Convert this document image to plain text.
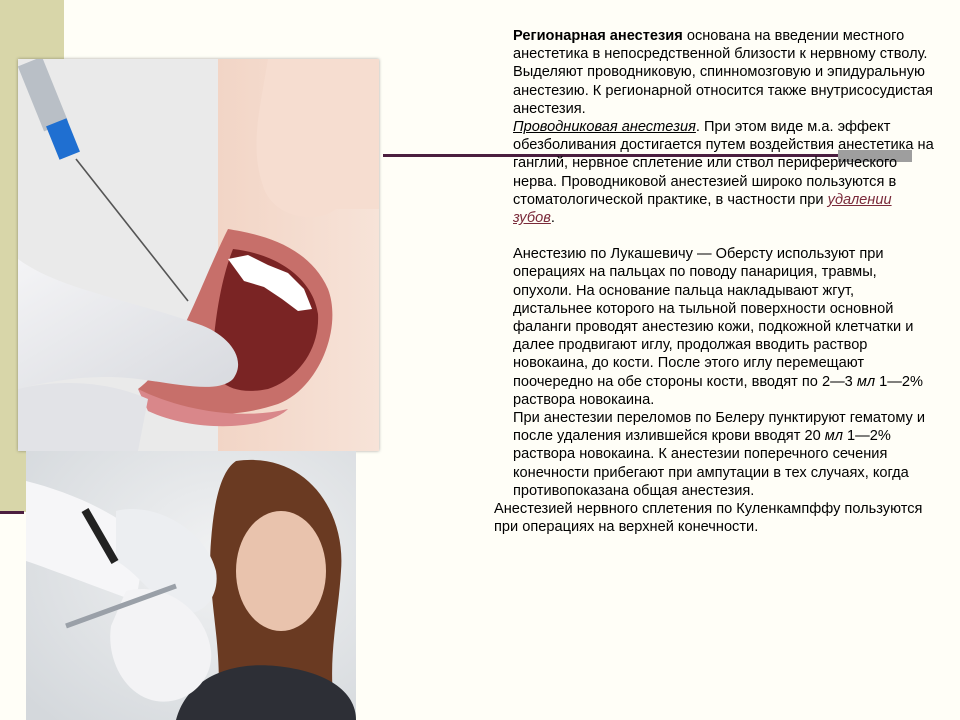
Регионарная анестезия основана на введении местного анестетика в непосредственной близости к нервному стволу. Выделяют проводниковую, спинномозговую и эпидуральную анестезию. К регионарной относится также внутрисосудистая анестезия.

Проводниковая анестезия. При этом виде м.а. эффект обезболивания достигается путем воздействия анестетика на ганглий, нервное сплетение или ствол периферического нерва. Проводниковой анестезией широко пользуются в стоматологической практике, в частности при удалении зубов.

Анестезию по Лукашевичу — Оберсту используют при операциях на пальцах по поводу панариция, травмы, опухоли. На основание пальца накладывают жгут, дистальнее которого на тыльной поверхности основной фаланги проводят анестезию кожи, подкожной клетчатки и далее продвигают иглу, продолжая вводить раствор новокаина, до кости. После этого иглу перемещают поочередно на обе стороны кости, вводят по 2—3 мл 1—2% раствора новокаина.

При анестезии переломов по Белеру пунктируют гематому и после удаления излившейся крови вводят 20 мл 1—2% раствора новокаина. К анестезии поперечного сечения конечности прибегают при ампутации в тех случаях, когда противопоказана общая анестезия.

Анестезией нервного сплетения по Куленкампффу пользуются при операциях на верхней конечности.
